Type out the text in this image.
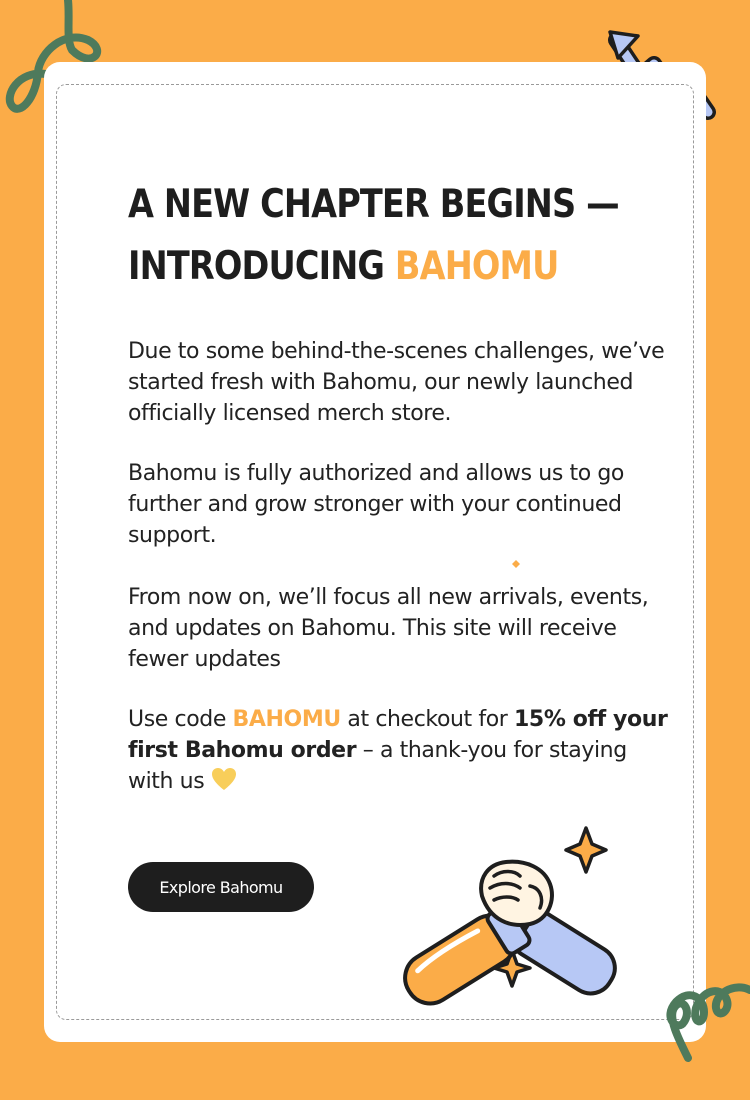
A NEW CHAPTER BEGINS —
INTRODUCING BAHOMU

Due to some behind-the-scenes challenges, we’ve started fresh with Bahomu, our newly launched officially licensed merch store.

Bahomu is fully authorized and allows us to go further and grow stronger with your continued support.

From now on, we’ll focus all new arrivals, events, and updates on Bahomu. This site will receive fewer updates

Use code BAHOMU at checkout for 15% off your first Bahomu order – a thank-you for staying with us

Explore Bahomu
